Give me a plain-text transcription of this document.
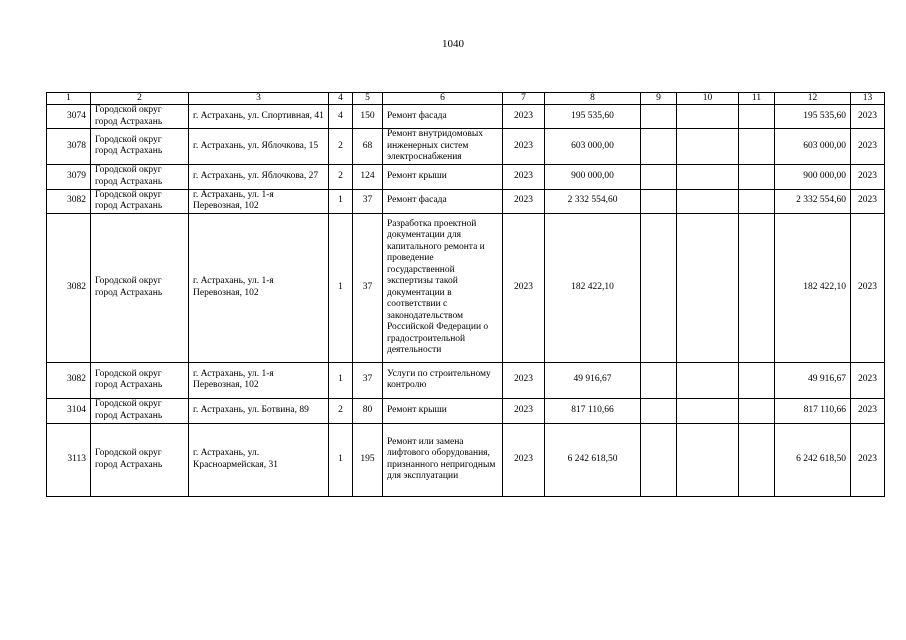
1040
1	2	3	4	5	6	7	8	9	10	11	12	13
3074	Городской округ город Астрахань	г. Астрахань, ул. Спортивная, 41	4	150	Ремонт фасада	2023	195 535,60				195 535,60	2023
3078	Городской округ город Астрахань	г. Астрахань, ул. Яблочкова, 15	2	68	Ремонт внутридомовых инженерных систем электроснабжения	2023	603 000,00				603 000,00	2023
3079	Городской округ город Астрахань	г. Астрахань, ул. Яблочкова, 27	2	124	Ремонт крыши	2023	900 000,00				900 000,00	2023
3082	Городской округ город Астрахань	г. Астрахань, ул. 1-я Перевозная, 102	1	37	Ремонт фасада	2023	2 332 554,60				2 332 554,60	2023
3082	Городской округ город Астрахань	г. Астрахань, ул. 1-я Перевозная, 102	1	37	Разработка проектной документации для капитального ремонта и проведение государственной экспертизы такой документации в соответствии с законодательством Российской Федерации о градостроительной деятельности	2023	182 422,10				182 422,10	2023
3082	Городской округ город Астрахань	г. Астрахань, ул. 1-я Перевозная, 102	1	37	Услуги по строительному контролю	2023	49 916,67				49 916,67	2023
3104	Городской округ город Астрахань	г. Астрахань, ул. Ботвина, 89	2	80	Ремонт крыши	2023	817 110,66				817 110,66	2023
3113	Городской округ город Астрахань	г. Астрахань, ул. Красноармейская, 31	1	195	Ремонт или замена лифтового оборудования, признанного непригодным для эксплуатации	2023	6 242 618,50				6 242 618,50	2023
